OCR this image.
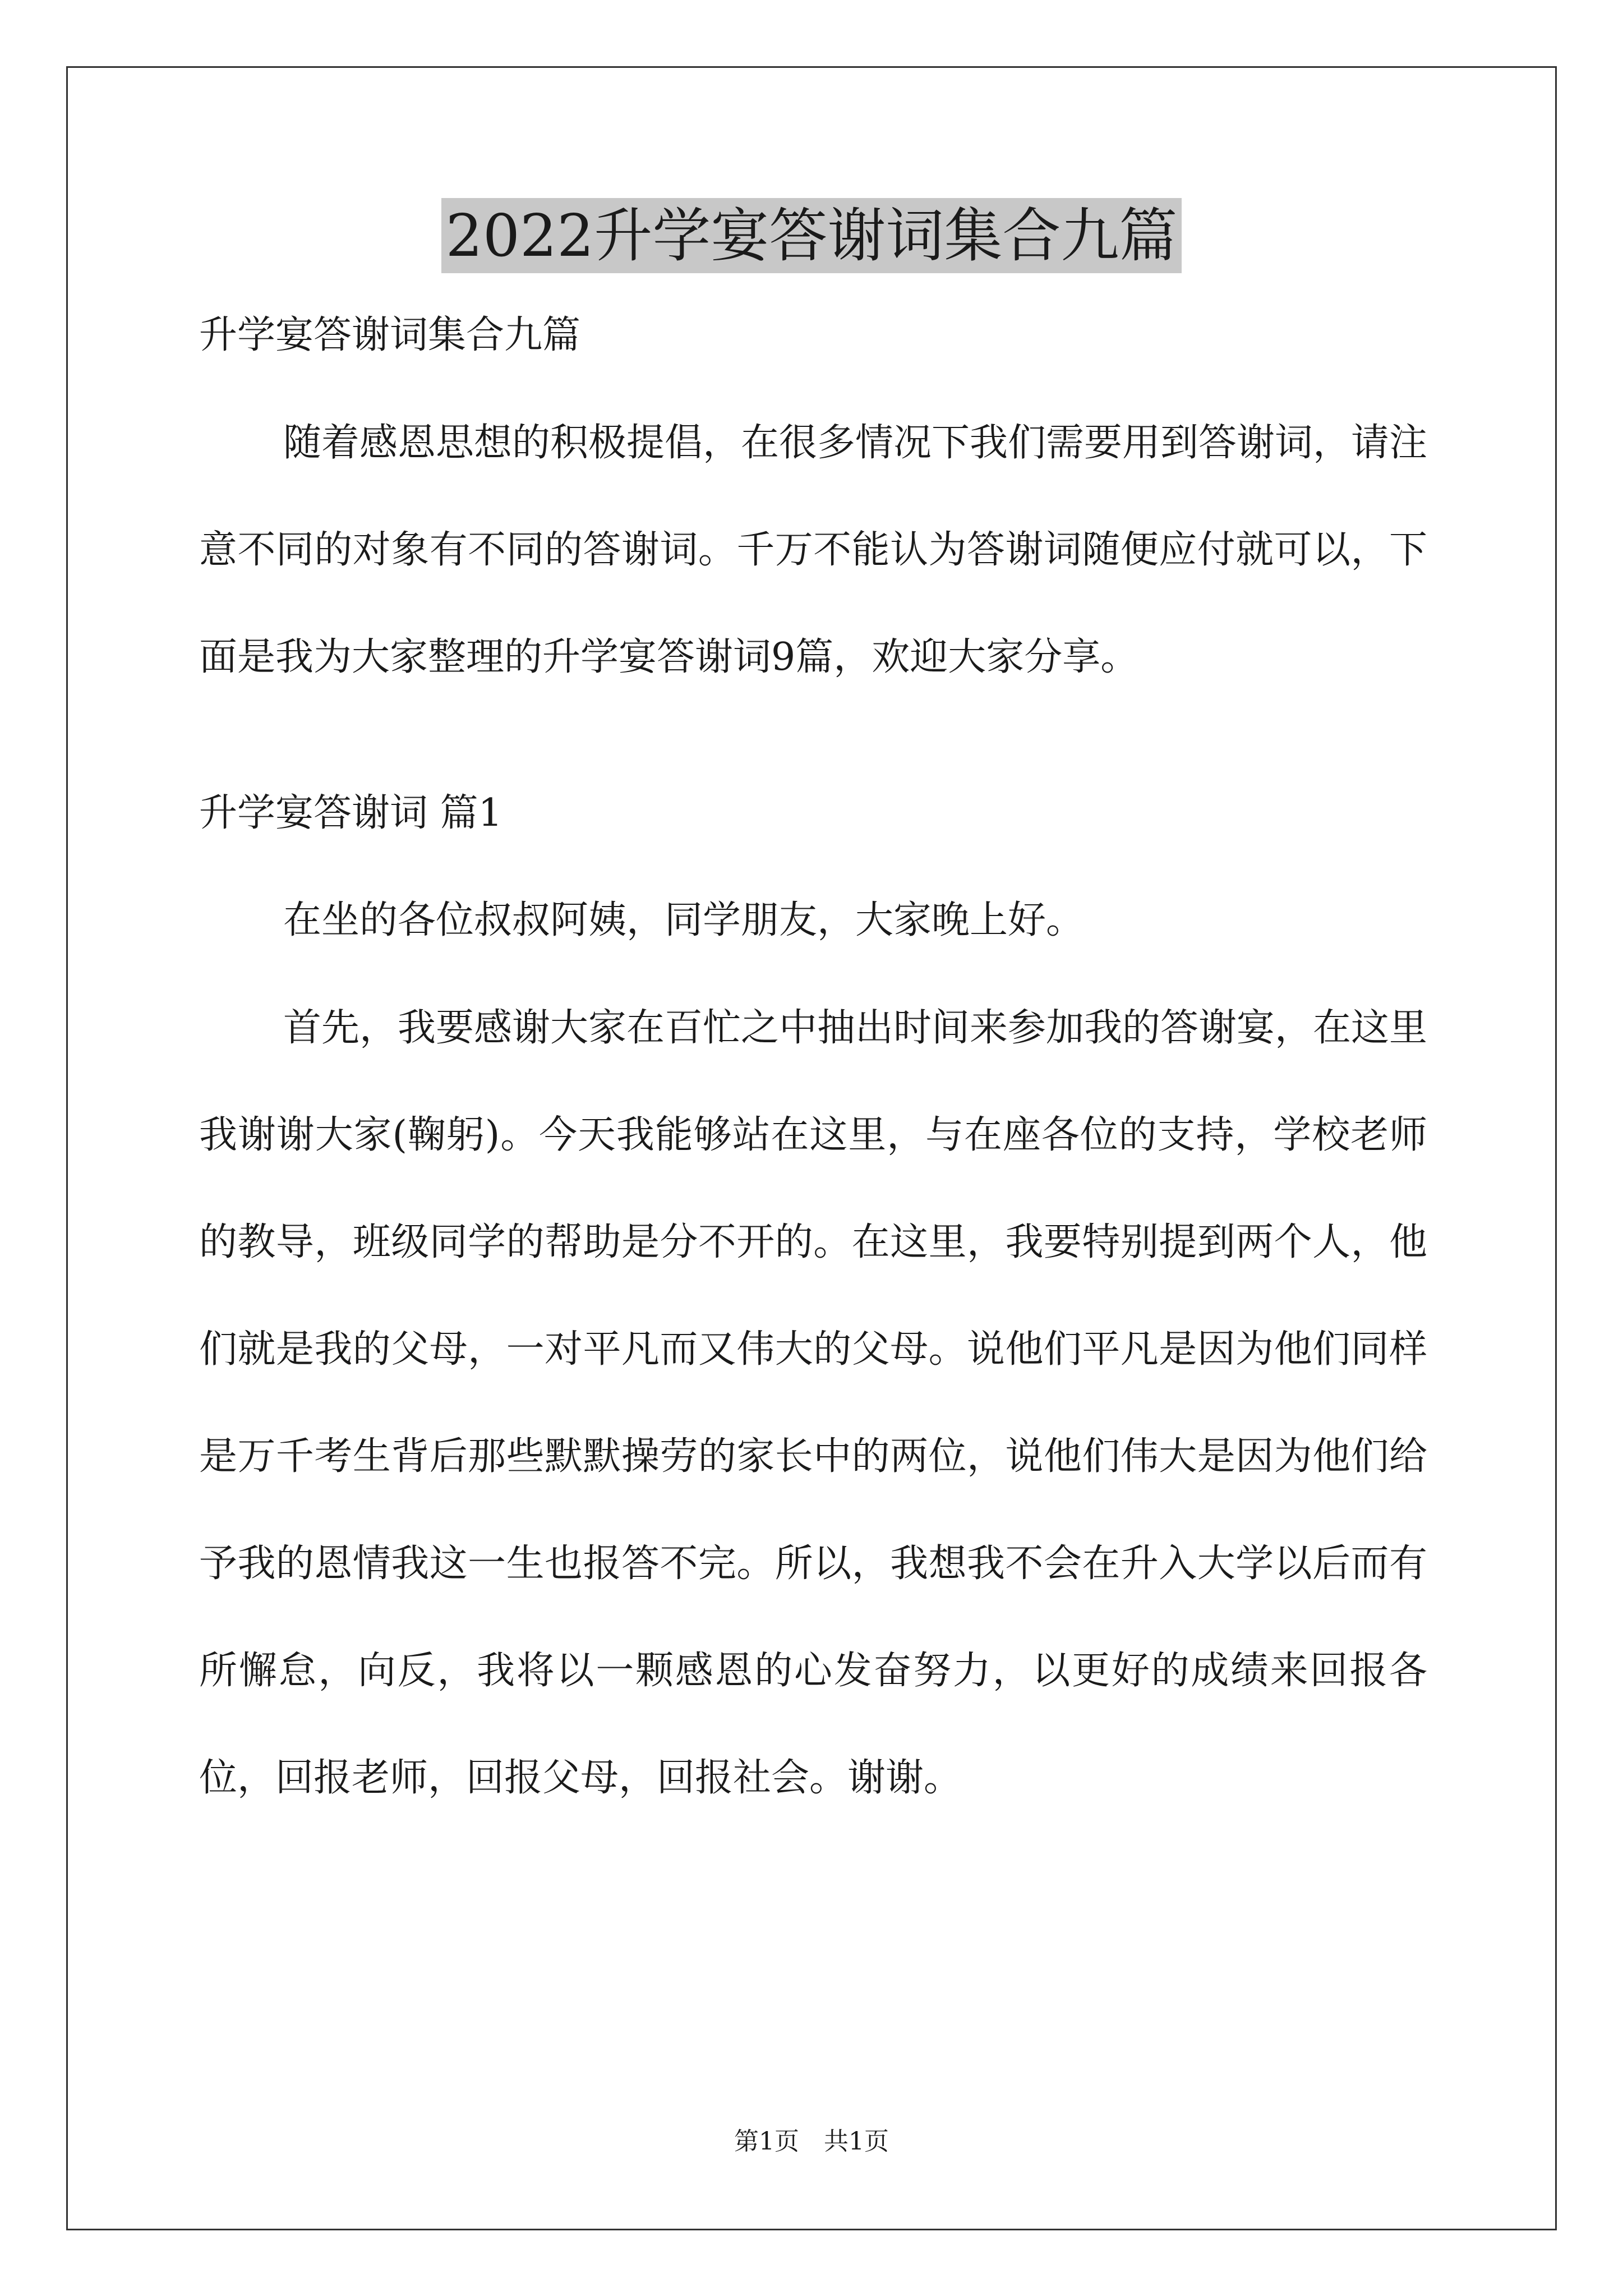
2022升学宴答谢词集合九篇
升学宴答谢词集合九篇

随着感恩思想的积极提倡，在很多情况下我们需要用到答谢词，请注意不同的对象有不同的答谢词。千万不能认为答谢词随便应付就可以，下面是我为大家整理的升学宴答谢词9篇，欢迎大家分享。

升学宴答谢词 篇1
在坐的各位叔叔阿姨，同学朋友，大家晚上好。

首先，我要感谢大家在百忙之中抽出时间来参加我的答谢宴，在这里我谢谢大家(鞠躬)。今天我能够站在这里，与在座各位的支持，学校老师的教导，班级同学的帮助是分不开的。在这里，我要特别提到两个人，他们就是我的父母，一对平凡而又伟大的父母。说他们平凡是因为他们同样是万千考生背后那些默默操劳的家长中的两位，说他们伟大是因为他们给予我的恩情我这一生也报答不完。所以，我想我不会在升入大学以后而有所懈怠，向反，我将以一颗感恩的心发奋努力，以更好的成绩来回报各位，回报老师，回报父母，回报社会。谢谢。

第1页　共1页
